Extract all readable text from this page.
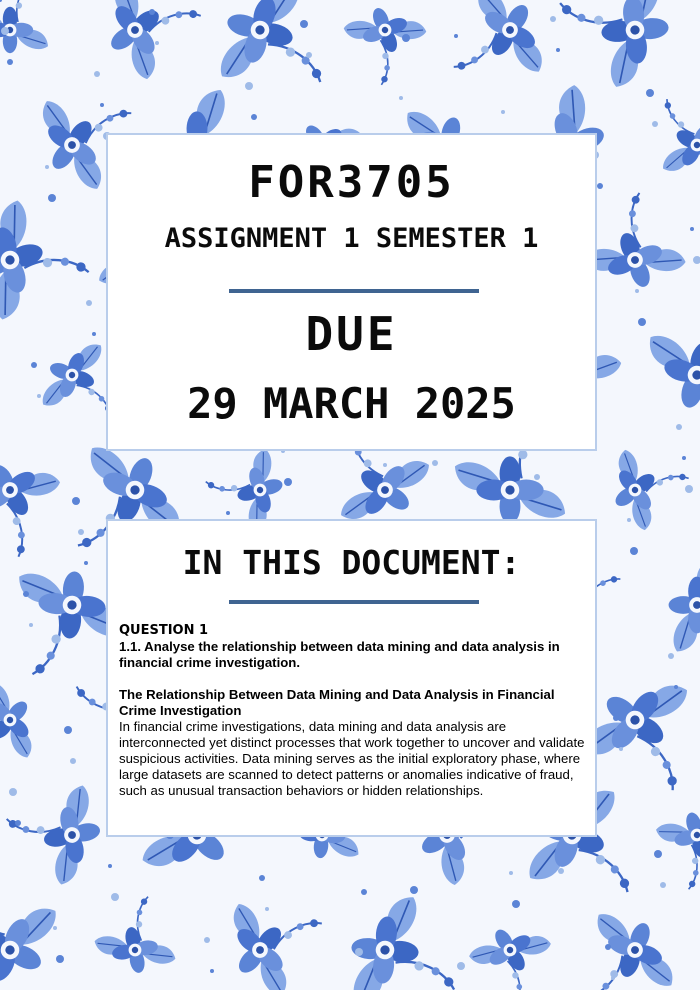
FOR3705
ASSIGNMENT 1 SEMESTER 1
DUE
29 MARCH 2025
IN THIS DOCUMENT:

QUESTION 1

1.1. Analyse the relationship between data mining and data analysis in financial crime investigation.

The Relationship Between Data Mining and Data Analysis in Financial Crime Investigation

In financial crime investigations, data mining and data analysis are interconnected yet distinct processes that work together to uncover and validate suspicious activities. Data mining serves as the initial exploratory phase, where large datasets are scanned to detect patterns or anomalies indicative of fraud, such as unusual transaction behaviors or hidden relationships.
